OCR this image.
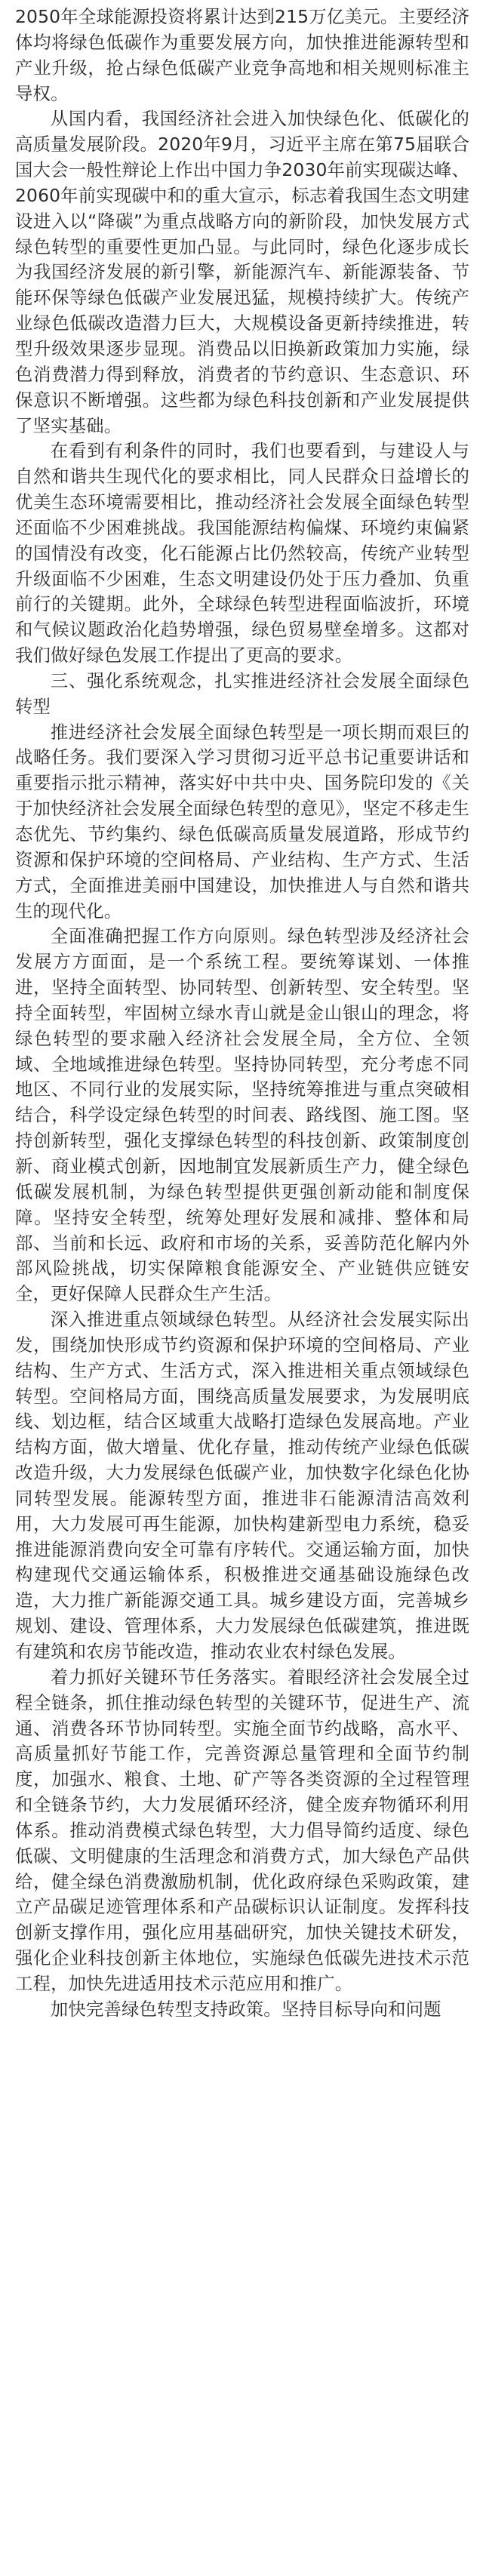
2050年全球能源投资将累计达到215万亿美元。主要经济体均将绿色低碳作为重要发展方向，加快推进能源转型和产业升级，抢占绿色低碳产业竞争高地和相关规则标准主导权。

从国内看，我国经济社会进入加快绿色化、低碳化的高质量发展阶段。2020年9月，习近平主席在第75届联合国大会一般性辩论上作出中国力争2030年前实现碳达峰、2060年前实现碳中和的重大宣示，标志着我国生态文明建设进入以“降碳”为重点战略方向的新阶段，加快发展方式绿色转型的重要性更加凸显。与此同时，绿色化逐步成长为我国经济发展的新引擎，新能源汽车、新能源装备、节能环保等绿色低碳产业发展迅猛，规模持续扩大。传统产业绿色低碳改造潜力巨大，大规模设备更新持续推进，转型升级效果逐步显现。消费品以旧换新政策加力实施，绿色消费潜力得到释放，消费者的节约意识、生态意识、环保意识不断增强。这些都为绿色科技创新和产业发展提供了坚实基础。

在看到有利条件的同时，我们也要看到，与建设人与自然和谐共生现代化的要求相比，同人民群众日益增长的优美生态环境需要相比，推动经济社会发展全面绿色转型还面临不少困难挑战。我国能源结构偏煤、环境约束偏紧的国情没有改变，化石能源占比仍然较高，传统产业转型升级面临不少困难，生态文明建设仍处于压力叠加、负重前行的关键期。此外，全球绿色转型进程面临波折，环境和气候议题政治化趋势增强，绿色贸易壁垒增多。这都对我们做好绿色发展工作提出了更高的要求。

三、强化系统观念，扎实推进经济社会发展全面绿色转型

推进经济社会发展全面绿色转型是一项长期而艰巨的战略任务。我们要深入学习贯彻习近平总书记重要讲话和重要指示批示精神，落实好中共中央、国务院印发的《关于加快经济社会发展全面绿色转型的意见》，坚定不移走生态优先、节约集约、绿色低碳高质量发展道路，形成节约资源和保护环境的空间格局、产业结构、生产方式、生活方式，全面推进美丽中国建设，加快推进人与自然和谐共生的现代化。

全面准确把握工作方向原则。绿色转型涉及经济社会发展方方面面，是一个系统工程。要统筹谋划、一体推进，坚持全面转型、协同转型、创新转型、安全转型。坚持全面转型，牢固树立绿水青山就是金山银山的理念，将绿色转型的要求融入经济社会发展全局，全方位、全领域、全地域推进绿色转型。坚持协同转型，充分考虑不同地区、不同行业的发展实际，坚持统筹推进与重点突破相结合，科学设定绿色转型的时间表、路线图、施工图。坚持创新转型，强化支撑绿色转型的科技创新、政策制度创新、商业模式创新，因地制宜发展新质生产力，健全绿色低碳发展机制，为绿色转型提供更强创新动能和制度保障。坚持安全转型，统筹处理好发展和减排、整体和局部、当前和长远、政府和市场的关系，妥善防范化解内外部风险挑战，切实保障粮食能源安全、产业链供应链安全，更好保障人民群众生产生活。

深入推进重点领域绿色转型。从经济社会发展实际出发，围绕加快形成节约资源和保护环境的空间格局、产业结构、生产方式、生活方式，深入推进相关重点领域绿色转型。空间格局方面，围绕高质量发展要求，为发展明底线、划边框，结合区域重大战略打造绿色发展高地。产业结构方面，做大增量、优化存量，推动传统产业绿色低碳改造升级，大力发展绿色低碳产业，加快数字化绿色化协同转型发展。能源转型方面，推进非石能源清洁高效利用，大力发展可再生能源，加快构建新型电力系统，稳妥推进能源消费向安全可靠有序转代。交通运输方面，加快构建现代交通运输体系，积极推进交通基础设施绿色改造，大力推广新能源交通工具。城乡建设方面，完善城乡规划、建设、管理体系，大力发展绿色低碳建筑，推进既有建筑和农房节能改造，推动农业农村绿色发展。

着力抓好关键环节任务落实。着眼经济社会发展全过程全链条，抓住推动绿色转型的关键环节，促进生产、流通、消费各环节协同转型。实施全面节约战略，高水平、高质量抓好节能工作，完善资源总量管理和全面节约制度，加强水、粮食、土地、矿产等各类资源的全过程管理和全链条节约，大力发展循环经济，健全废弃物循环利用体系。推动消费模式绿色转型，大力倡导简约适度、绿色低碳、文明健康的生活理念和消费方式，加大绿色产品供给，健全绿色消费激励机制，优化政府绿色采购政策，建立产品碳足迹管理体系和产品碳标识认证制度。发挥科技创新支撑作用，强化应用基础研究，加快关键技术研发，强化企业科技创新主体地位，实施绿色低碳先进技术示范工程，加快先进适用技术示范应用和推广。

加快完善绿色转型支持政策。坚持目标导向和问题
